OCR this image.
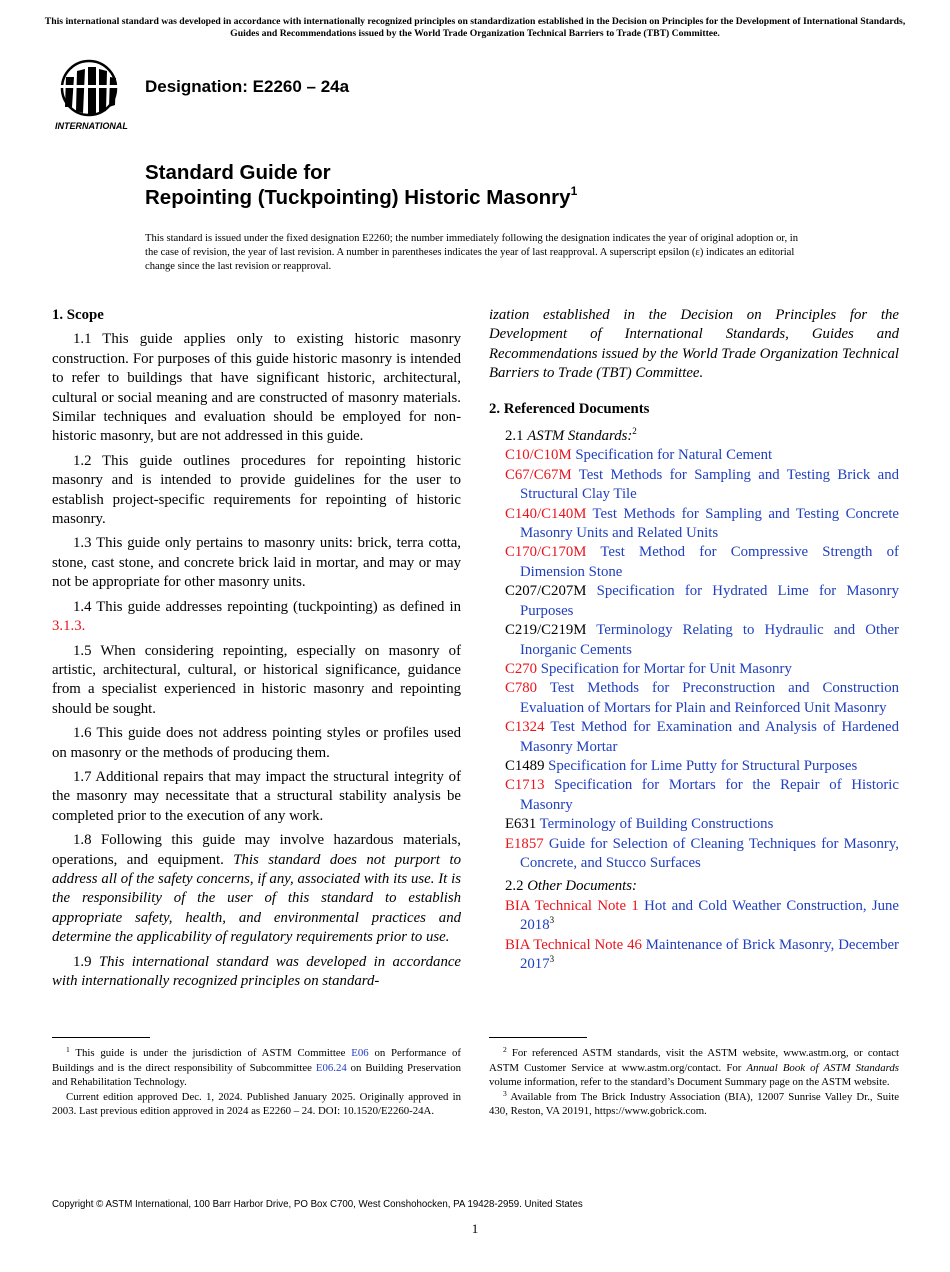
This international standard was developed in accordance with internationally recognized principles on standardization established in the Decision on Principles for the Development of International Standards, Guides and Recommendations issued by the World Trade Organization Technical Barriers to Trade (TBT) Committee.
INTERNATIONAL
Designation: E2260 – 24a
Standard Guide for
Repointing (Tuckpointing) Historic Masonry$^1$
This standard is issued under the fixed designation E2260; the number immediately following the designation indicates the year of original adoption or, in the case of revision, the year of last revision. A number in parentheses indicates the year of last reapproval. A superscript epsilon (ε) indicates an editorial change since the last revision or reapproval.
1. Scope

1.1 This guide applies only to existing historic masonry construction. For purposes of this guide historic masonry is intended to refer to buildings that have significant historic, architectural, cultural or social meaning and are constructed of masonry materials. Similar techniques and evaluation should be employed for non-historic masonry, but are not addressed in this guide.

1.2 This guide outlines procedures for repointing historic masonry and is intended to provide guidelines for the user to establish project-specific requirements for repointing of historic masonry.

1.3 This guide only pertains to masonry units: brick, terra cotta, stone, cast stone, and concrete brick laid in mortar, and may or may not be appropriate for other masonry units.

1.4 This guide addresses repointing (tuckpointing) as defined in 3.1.3.

1.5 When considering repointing, especially on masonry of artistic, architectural, cultural, or historical significance, guidance from a specialist experienced in historic masonry and repointing should be sought.

1.6 This guide does not address pointing styles or profiles used on masonry or the methods of producing them.

1.7 Additional repairs that may impact the structural integrity of the masonry may necessitate that a structural stability analysis be completed prior to the execution of any work.

1.8 Following this guide may involve hazardous materials, operations, and equipment. This standard does not purport to address all of the safety concerns, if any, associated with its use. It is the responsibility of the user of this standard to establish appropriate safety, health, and environmental practices and determine the applicability of regulatory requirements prior to use.

1.9 This international standard was developed in accordance with internationally recognized principles on standard-

ization established in the Decision on Principles for the Development of International Standards, Guides and Recommendations issued by the World Trade Organization Technical Barriers to Trade (TBT) Committee.

2. Referenced Documents
2.1 ASTM Standards:$^2$

C10/C10M Specification for Natural Cement

C67/C67M Test Methods for Sampling and Testing Brick and Structural Clay Tile

C140/C140M Test Methods for Sampling and Testing Concrete Masonry Units and Related Units

C170/C170M Test Method for Compressive Strength of Dimension Stone

C207/C207M Specification for Hydrated Lime for Masonry Purposes

C219/C219M Terminology Relating to Hydraulic and Other Inorganic Cements

C270 Specification for Mortar for Unit Masonry

C780 Test Methods for Preconstruction and Construction Evaluation of Mortars for Plain and Reinforced Unit Masonry

C1324 Test Method for Examination and Analysis of Hardened Masonry Mortar

C1489 Specification for Lime Putty for Structural Purposes

C1713 Specification for Mortars for the Repair of Historic Masonry

E631 Terminology of Building Constructions

E1857 Guide for Selection of Cleaning Techniques for Masonry, Concrete, and Stucco Surfaces

2.2 Other Documents:

BIA Technical Note 1 Hot and Cold Weather Construction, June 2018$^3$

BIA Technical Note 46 Maintenance of Brick Masonry, December 2017$^3$

$^1$ This guide is under the jurisdiction of ASTM Committee E06 on Performance of Buildings and is the direct responsibility of Subcommittee E06.24 on Building Preservation and Rehabilitation Technology.

Current edition approved Dec. 1, 2024. Published January 2025. Originally approved in 2003. Last previous edition approved in 2024 as E2260 – 24. DOI: 10.1520/E2260-24A.

$^2$ For referenced ASTM standards, visit the ASTM website, www.astm.org, or contact ASTM Customer Service at www.astm.org/contact. For Annual Book of ASTM Standards volume information, refer to the standard’s Document Summary page on the ASTM website.

$^3$ Available from The Brick Industry Association (BIA), 12007 Sunrise Valley Dr., Suite 430, Reston, VA 20191, https://www.gobrick.com.

Copyright © ASTM International, 100 Barr Harbor Drive, PO Box C700, West Conshohocken, PA 19428-2959. United States
1
